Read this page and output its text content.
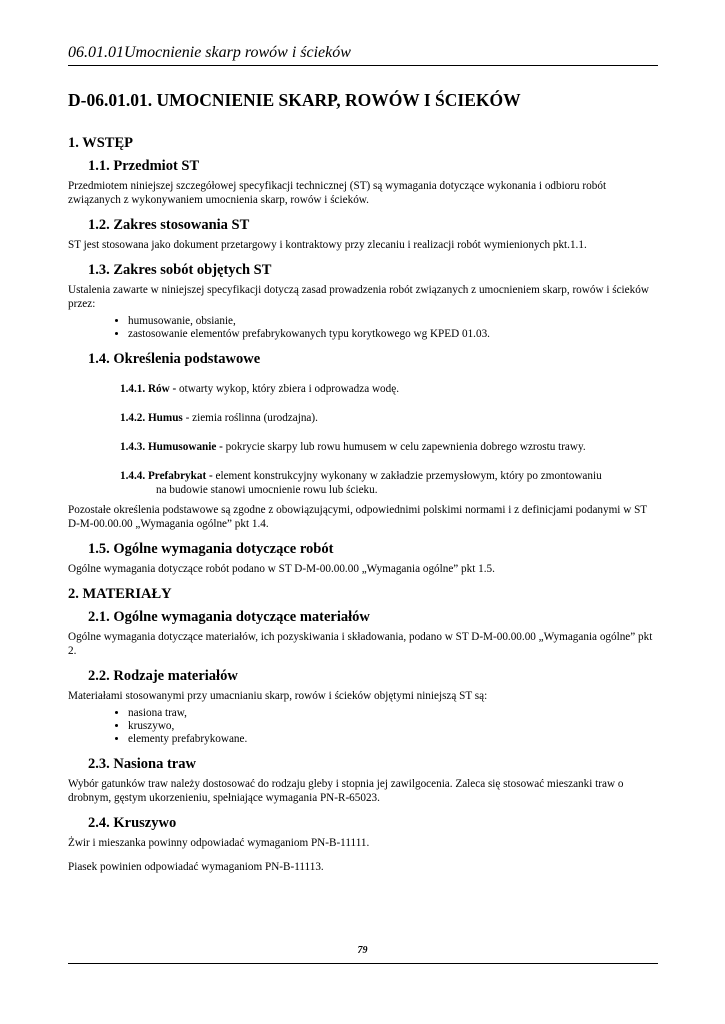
06.01.01Umocnienie skarp rowów i ścieków
D-06.01.01. UMOCNIENIE SKARP, ROWÓW I ŚCIEKÓW
1. WSTĘP
1.1. Przedmiot ST

Przedmiotem niniejszej szczegółowej specyfikacji technicznej (ST) są wymagania dotyczące wykonania i odbioru robót związanych z wykonywaniem umocnienia skarp, rowów i ścieków.

1.2. Zakres stosowania ST

ST jest stosowana jako dokument przetargowy i kontraktowy przy zlecaniu i realizacji robót wymienionych pkt.1.1.

1.3. Zakres sobót objętych ST

Ustalenia zawarte w niniejszej specyfikacji dotyczą zasad prowadzenia robót związanych z umocnieniem skarp, rowów i ścieków przez:

• humusowanie, obsianie,
• zastosowanie elementów prefabrykowanych typu korytkowego wg KPED 01.03.
1.4. Określenia podstawowe
1.4.1. Rów - otwarty wykop, który zbiera i odprowadza wodę.
1.4.2. Humus - ziemia roślinna (urodzajna).
1.4.3. Humusowanie - pokrycie skarpy lub rowu humusem w celu zapewnienia dobrego wzrostu trawy.
1.4.4. Prefabrykat - element konstrukcyjny wykonany w zakładzie przemysłowym, który po zmontowaniu
na budowie stanowi umocnienie rowu lub ścieku.

Pozostałe określenia podstawowe są zgodne z obowiązującymi, odpowiednimi polskimi normami i z definicjami podanymi w ST D-M-00.00.00 „Wymagania ogólne” pkt 1.4.

1.5. Ogólne wymagania dotyczące robót

Ogólne wymagania dotyczące robót podano w ST D-M-00.00.00 „Wymagania ogólne” pkt 1.5.

2. MATERIAŁY
2.1. Ogólne wymagania dotyczące materiałów

Ogólne wymagania dotyczące materiałów, ich pozyskiwania i składowania, podano w ST D-M-00.00.00 „Wymagania ogólne” pkt 2.

2.2. Rodzaje materiałów

Materiałami stosowanymi przy umacnianiu skarp, rowów i ścieków objętymi niniejszą ST są:

• nasiona traw,
• kruszywo,
• elementy prefabrykowane.
2.3. Nasiona traw

Wybór gatunków traw należy dostosować do rodzaju gleby i stopnia jej zawilgocenia. Zaleca się stosować mieszanki traw o drobnym, gęstym ukorzenieniu, spełniające wymagania PN-R-65023.

2.4. Kruszywo

Żwir i mieszanka powinny odpowiadać wymaganiom PN-B-11111.

Piasek powinien odpowiadać wymaganiom PN-B-11113.

79
